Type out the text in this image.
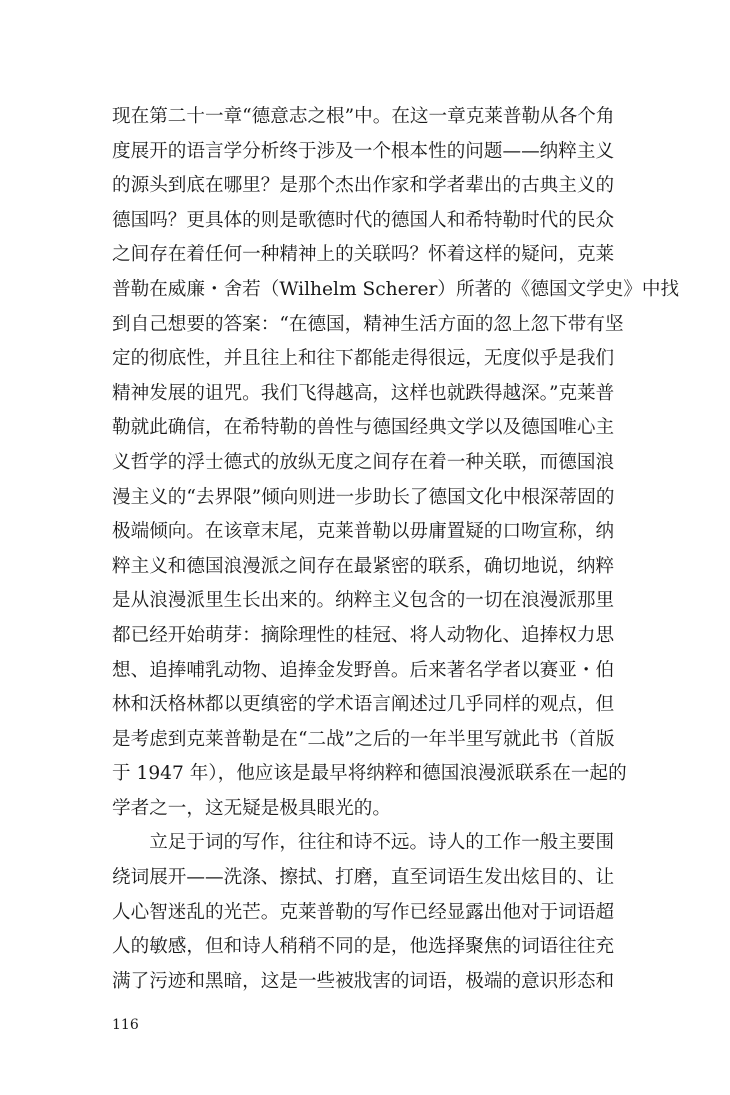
现在第二十一章“德意志之根”中。在这一章克莱普勒从各个角
度展开的语言学分析终于涉及一个根本性的问题——纳粹主义
的源头到底在哪里？是那个杰出作家和学者辈出的古典主义的
德国吗？更具体的则是歌德时代的德国人和希特勒时代的民众
之间存在着任何一种精神上的关联吗？怀着这样的疑问，克莱
普勒在威廉・舍若（Wilhelm Scherer）所著的《德国文学史》中找
到自己想要的答案：“在德国，精神生活方面的忽上忽下带有坚
定的彻底性，并且往上和往下都能走得很远，无度似乎是我们
精神发展的诅咒。我们飞得越高，这样也就跌得越深。”克莱普
勒就此确信，在希特勒的兽性与德国经典文学以及德国唯心主
义哲学的浮士德式的放纵无度之间存在着一种关联，而德国浪
漫主义的“去界限”倾向则进一步助长了德国文化中根深蒂固的
极端倾向。在该章末尾，克莱普勒以毋庸置疑的口吻宣称，纳
粹主义和德国浪漫派之间存在最紧密的联系，确切地说，纳粹
是从浪漫派里生长出来的。纳粹主义包含的一切在浪漫派那里
都已经开始萌芽：摘除理性的桂冠、将人动物化、追捧权力思
想、追捧哺乳动物、追捧金发野兽。后来著名学者以赛亚・伯
林和沃格林都以更缜密的学术语言阐述过几乎同样的观点，但
是考虑到克莱普勒是在“二战”之后的一年半里写就此书（首版
于 1947 年），他应该是最早将纳粹和德国浪漫派联系在一起的
学者之一，这无疑是极具眼光的。
　　立足于词的写作，往往和诗不远。诗人的工作一般主要围
绕词展开——洗涤、擦拭、打磨，直至词语生发出炫目的、让
人心智迷乱的光芒。克莱普勒的写作已经显露出他对于词语超
人的敏感，但和诗人稍稍不同的是，他选择聚焦的词语往往充
满了污迹和黑暗，这是一些被戕害的词语，极端的意识形态和
116
